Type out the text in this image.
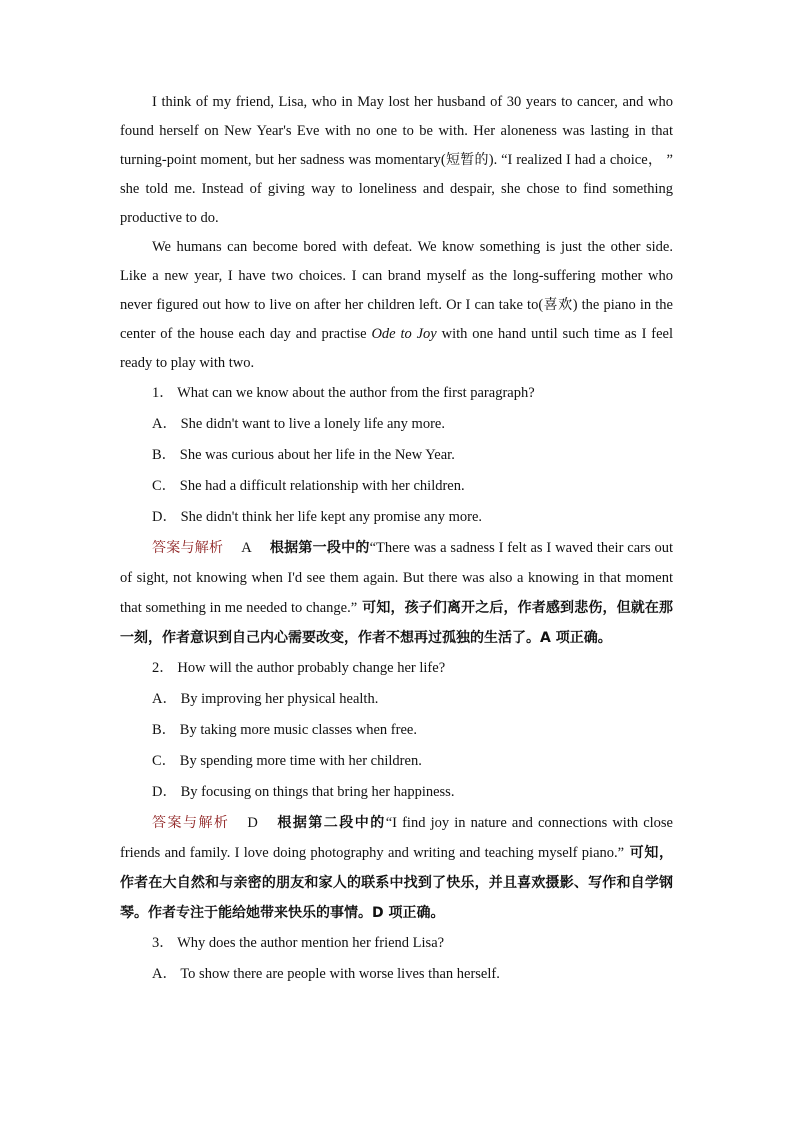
I think of my friend, Lisa, who in May lost her husband of 30 years to cancer, and who found herself on New Year's Eve with no one to be with. Her aloneness was lasting in that turning-point moment, but her sadness was momentary(短暂的). “I realized I had a choice， ” she told me. Instead of giving way to loneliness and despair, she chose to find something productive to do.

We humans can become bored with defeat. We know something is just the other side. Like a new year, I have two choices. I can brand myself as the long-suffering mother who never figured out how to live on after her children left. Or I can take to(喜欢) the piano in the center of the house each day and practise Ode to Joy with one hand until such time as I feel ready to play with two.

1． What can we know about the author from the first paragraph?

A． She didn't want to live a lonely life any more.

B． She was curious about her life in the New Year.

C． She had a difficult relationship with her children.

D． She didn't think her life kept any promise any more.

答案与解析 A 根据第一段中的“There was a sadness I felt as I waved their cars out of sight, not knowing when I'd see them again. But there was also a knowing in that moment that something in me needed to change.” 可知，孩子们离开之后，作者感到悲伤，但就在那一刻，作者意识到自己内心需要改变，作者不想再过孤独的生活了。A 项正确。

2． How will the author probably change her life?

A． By improving her physical health.

B． By taking more music classes when free.

C． By spending more time with her children.

D． By focusing on things that bring her happiness.

答案与解析 D 根据第二段中的“I find joy in nature and connections with close friends and family. I love doing photography and writing and teaching myself piano.” 可知，作者在大自然和与亲密的朋友和家人的联系中找到了快乐，并且喜欢摄影、写作和自学钢琴。作者专注于能给她带来快乐的事情。D 项正确。

3． Why does the author mention her friend Lisa?

A． To show there are people with worse lives than herself.
